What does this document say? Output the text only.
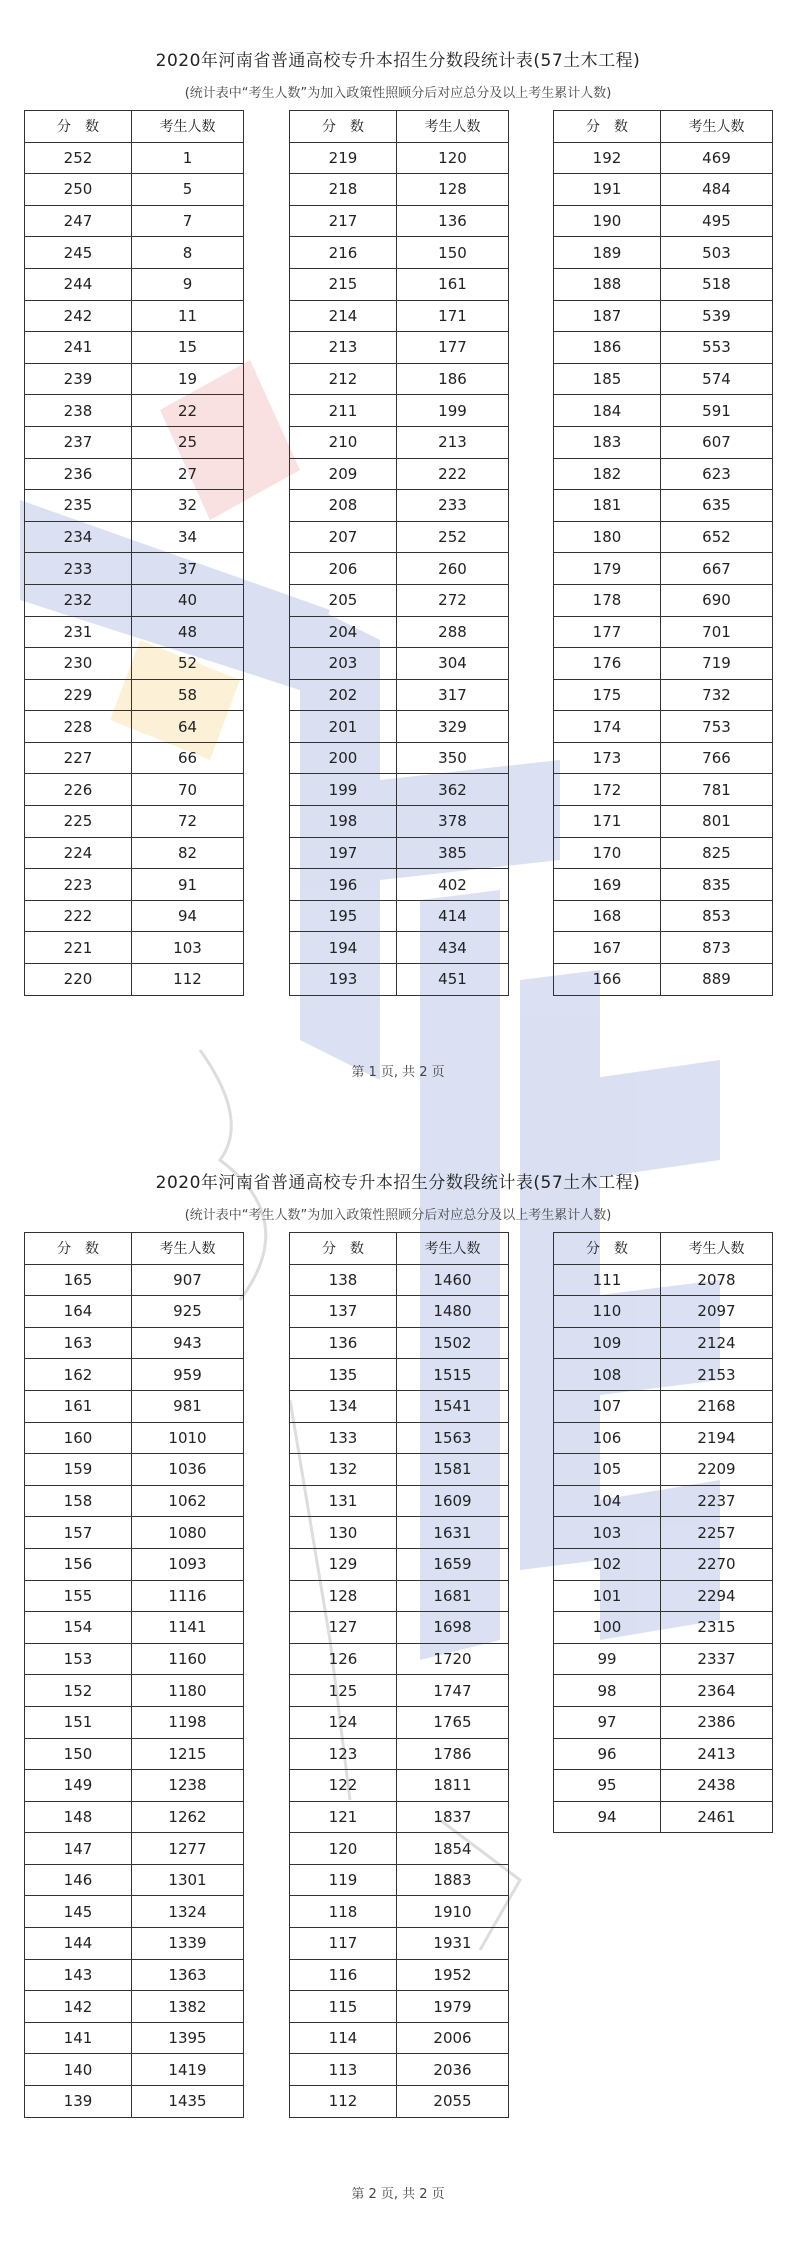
2020年河南省普通高校专升本招生分数段统计表(57土木工程)
(统计表中“考生人数”为加入政策性照顾分后对应总分及以上考生累计人数)
分　数	考生人数
252	1
250	5
247	7
245	8
244	9
242	11
241	15
239	19
238	22
237	25
236	27
235	32
234	34
233	37
232	40
231	48
230	52
229	58
228	64
227	66
226	70
225	72
224	82
223	91
222	94
221	103
220	112
分　数	考生人数
219	120
218	128
217	136
216	150
215	161
214	171
213	177
212	186
211	199
210	213
209	222
208	233
207	252
206	260
205	272
204	288
203	304
202	317
201	329
200	350
199	362
198	378
197	385
196	402
195	414
194	434
193	451
分　数	考生人数
192	469
191	484
190	495
189	503
188	518
187	539
186	553
185	574
184	591
183	607
182	623
181	635
180	652
179	667
178	690
177	701
176	719
175	732
174	753
173	766
172	781
171	801
170	825
169	835
168	853
167	873
166	889
第 1 页, 共 2 页
2020年河南省普通高校专升本招生分数段统计表(57土木工程)
(统计表中“考生人数”为加入政策性照顾分后对应总分及以上考生累计人数)
分　数	考生人数
165	907
164	925
163	943
162	959
161	981
160	1010
159	1036
158	1062
157	1080
156	1093
155	1116
154	1141
153	1160
152	1180
151	1198
150	1215
149	1238
148	1262
147	1277
146	1301
145	1324
144	1339
143	1363
142	1382
141	1395
140	1419
139	1435
分　数	考生人数
138	1460
137	1480
136	1502
135	1515
134	1541
133	1563
132	1581
131	1609
130	1631
129	1659
128	1681
127	1698
126	1720
125	1747
124	1765
123	1786
122	1811
121	1837
120	1854
119	1883
118	1910
117	1931
116	1952
115	1979
114	2006
113	2036
112	2055
分　数	考生人数
111	2078
110	2097
109	2124
108	2153
107	2168
106	2194
105	2209
104	2237
103	2257
102	2270
101	2294
100	2315
99	2337
98	2364
97	2386
96	2413
95	2438
94	2461
第 2 页, 共 2 页
